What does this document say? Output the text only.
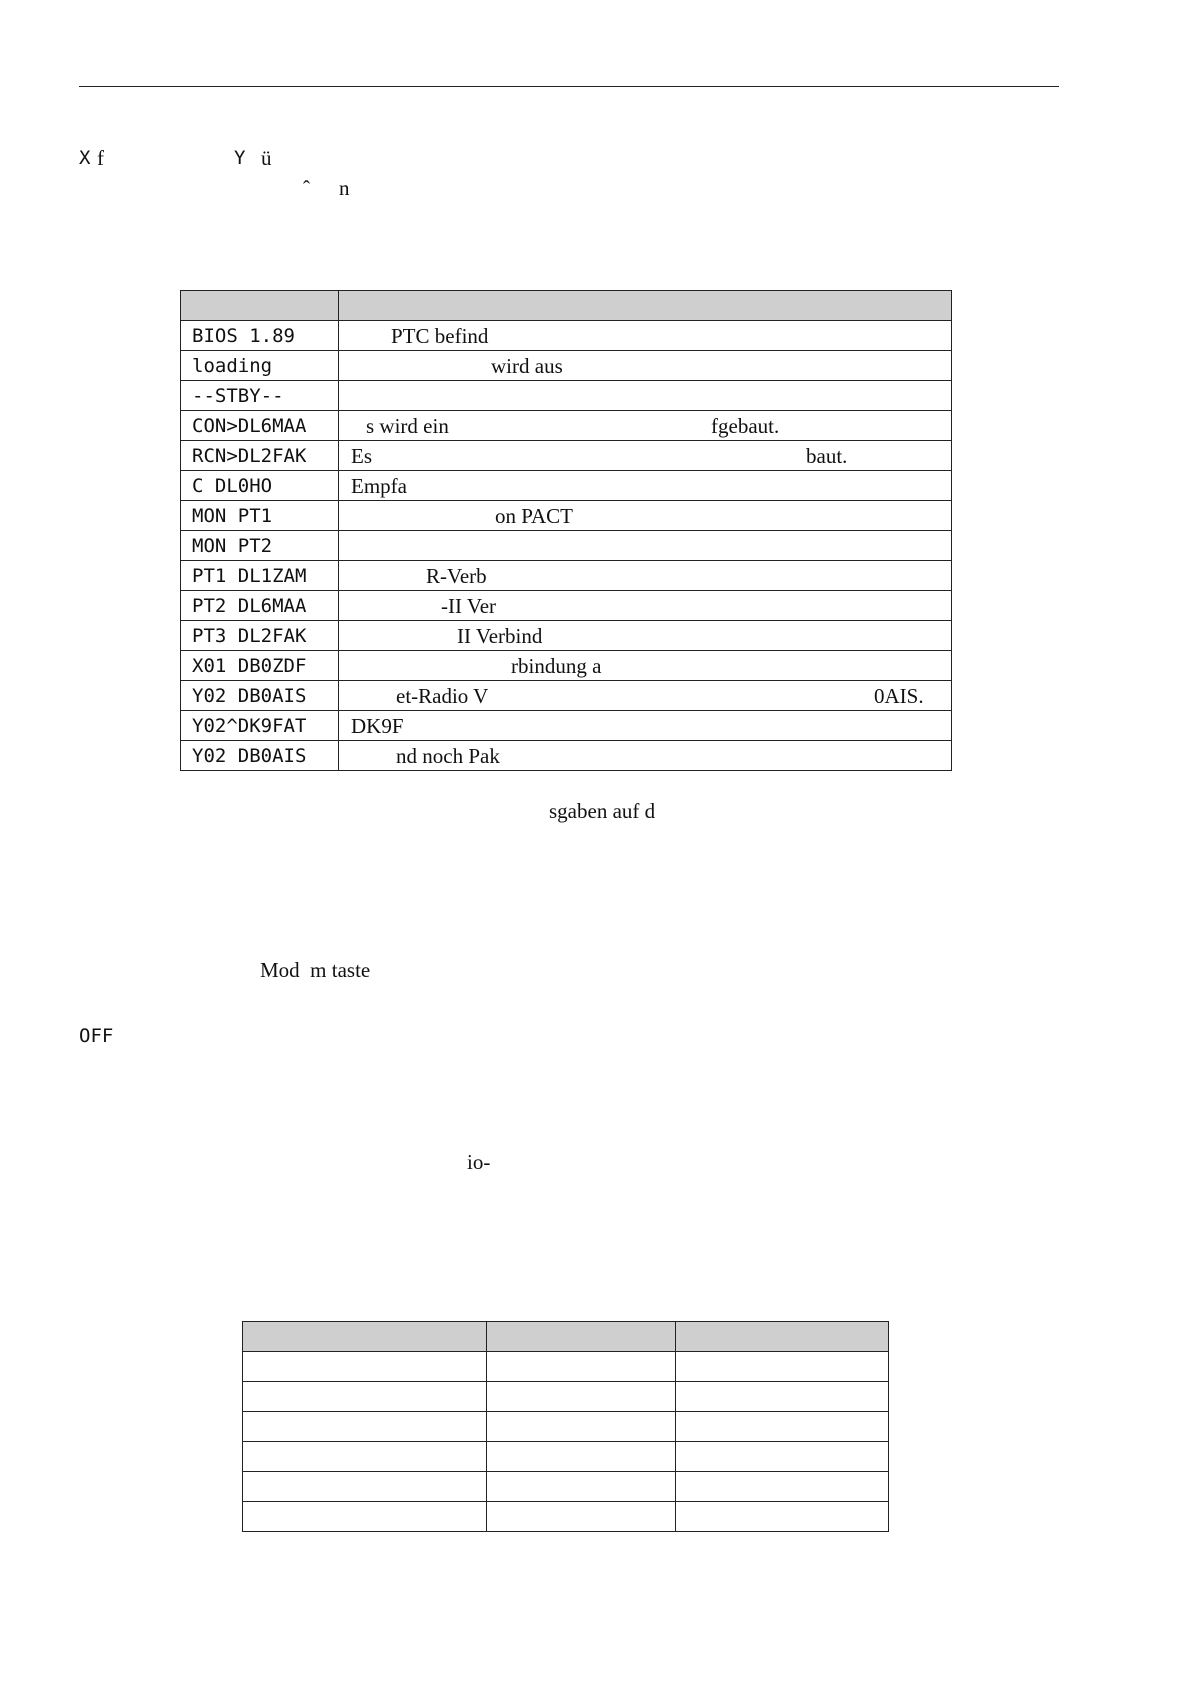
X f	Y ü
ˆ n

BIOS 1.89	PTC befind

loading	wird aus

--STBY--	

CON>DL6MAA	s wird ein fgebaut.

RCN>DL2FAK	Es baut.

C DL0HO	Empfa

MON PT1	on PACT

MON PT2	

PT1 DL1ZAM	R-Verb

PT2 DL6MAA	-II Ver

PT3 DL2FAK	II Verbind

X01 DB0ZDF	rbindung a

Y02 DB0AIS	et-Radio V 0AIS.

Y02^DK9FAT	DK9F

Y02 DB0AIS	nd noch Pak
sgaben auf d
Mod  m taste
OFF
io-
